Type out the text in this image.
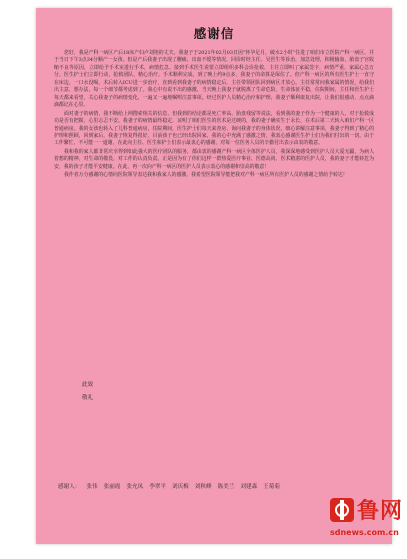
感谢信

您好，我是产科一病区产后18床产妇卢刘艳的丈夫，我妻子于2021年02月03日因“怀孕足月，破水2小时”住进了咱们市立医院产科一病区，并于当日下午3点34分顺产一女孩。但是产后我妻子出现了腰痛、出血不缓等情况，回诊时经主任、吴医生等诊治，加急处理，积极输血，胎盘子宫收缩不良等原因，立即给予手术室进行手术，病情危急。接到手术医生说要立即组织多科会诊抢救，主任立即叫了家属签字，病情严重，家属心急万分。医生护士们立即行动，抢救团队，精心治疗。手术顺利完成，到了晚上约9点多，我妻子的命算是保住了。但产科一病区的所有医生护士一直守在床边，一口水没喝，术后转入ICU进一步治疗，直到看到我妻子的病情稳定后，主任带领团队回到病区才放心。主任常常问我家属的情况，给我们出主意、想办法，每一个细节都考虑到了。我心中有说不出的感激，当天晚上我妻子就脱离了生命危险。生命体征平稳，住院期间，主任和医生护士每天都来看望，关心我妻子的病情变化，一遍又一遍地嘱咐注意事项。经过医护人员精心治疗和护理，我妻子顺利康复出院，让我们很感动，点点滴滴都记在心里。

面对妻子的病情，我不断给上网搜索相关的信息，但我到的结论都是死亡率高、胎盘残留等说法，看到我的妻子作为一个健康的人，对于抢救成功是否有把握，心里忐忑不安。我妻子的病情最终稳定，证明了咱们医生的医术是过硬的，我的妻子确实生于永长，在术后第二天转入咱们产科一区普通病房。我的女孩也转入了儿科普通病房，住院期间，医生护士们每天来查房，询问我妻子的身体状况，细心讲解注意事项，我妻子得到了精心的护理和照顾，回到家后，我妻子恢复得很好，目前孩子也已经出院回家，我的心中充满了感激之情，我衷心感谢医生护士们为我们付出的一切。由于工作繁忙，不可能一一道谢，在此向主任、医生和护士们表示最衷心的感谢，对每一位医务人员的辛勤付出表示由衷的敬意。

我和我的家人都非常庆幸得到如此强大的医疗团队的服务，都由衷的感谢产科一病区全体医护人员，我深深地感受到医护人员大爱无疆，为病人着想的精神，对生命的敬畏，对工作的认真负责。正是因为有了你们这样一群热爱医疗事业、医德高尚、医术精湛的医护人员，我的妻子才能转危为安，我的孩子才能平安健康。在此，再一次向产科一病区的医护人员表示衷心的感谢和崇高的敬意！

我作者万分感谢的心情向医院领导表达我和我家人的感激，我希望医院领导能把我对产科一病区所有医护人员的感谢之情给予转达！

此致
敬礼
感谢人： 张伟 张丽霞 张允凤 李翠平 刘庆梅 刘秋峰 陈美兰 刘建森 王菊菊
鲁网
sdnews.com.cn
